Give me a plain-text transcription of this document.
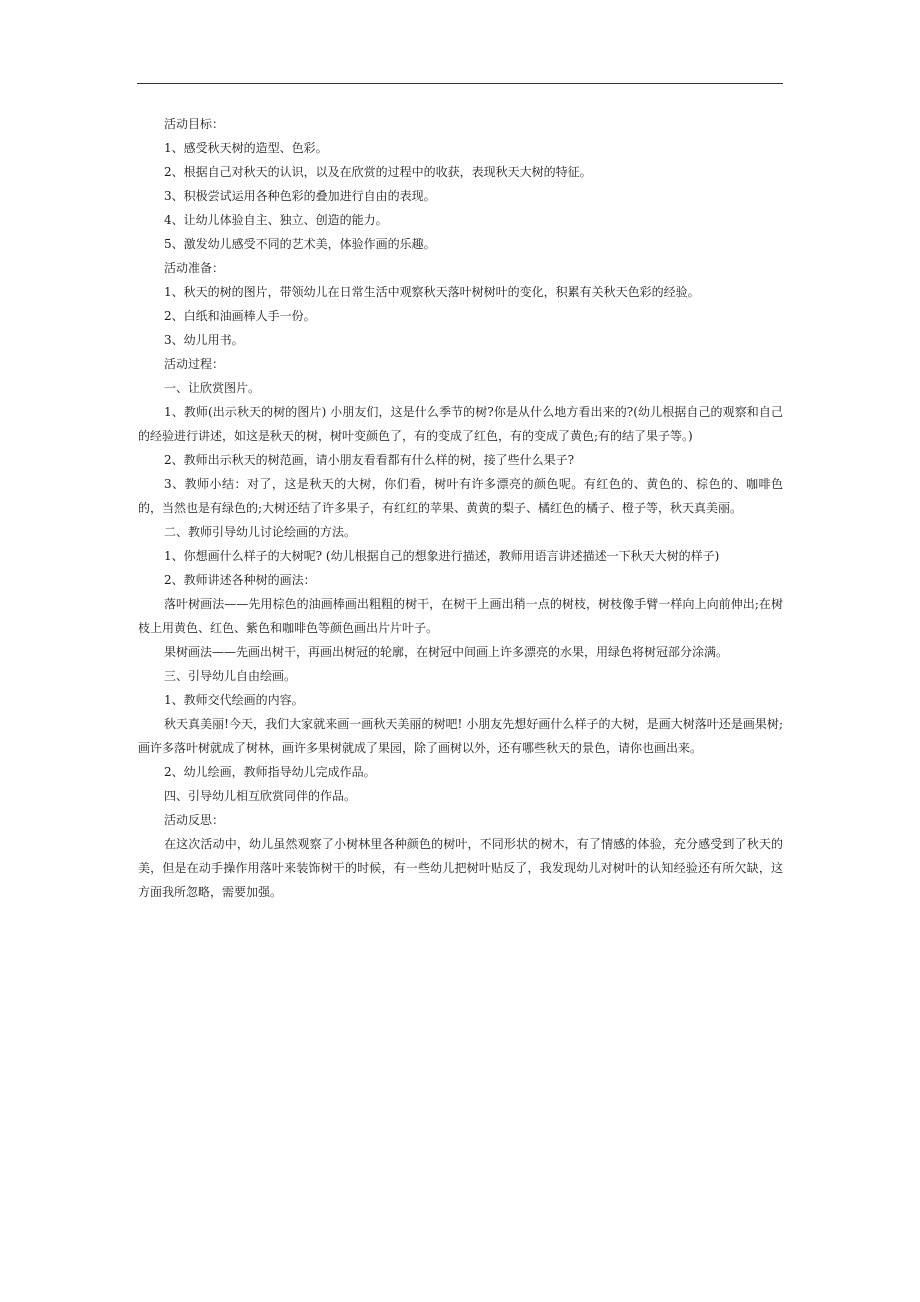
活动目标：

1、感受秋天树的造型、色彩。

2、根据自己对秋天的认识，以及在欣赏的过程中的收获，表现秋天大树的特征。

3、积极尝试运用各种色彩的叠加进行自由的表现。

4、让幼儿体验自主、独立、创造的能力。

5、激发幼儿感受不同的艺术美，体验作画的乐趣。

活动准备：

1、秋天的树的图片，带领幼儿在日常生活中观察秋天落叶树树叶的变化，积累有关秋天色彩的经验。

2、白纸和油画棒人手一份。

3、幼儿用书。

活动过程：

一、让欣赏图片。

1、教师(出示秋天的树的图片) 小朋友们，这是什么季节的树?你是从什么地方看出来的?(幼儿根据自己的观察和自己的经验进行讲述，如这是秋天的树，树叶变颜色了，有的变成了红色，有的变成了黄色;有的结了果子等。)

2、教师出示秋天的树范画，请小朋友看看都有什么样的树，接了些什么果子?

3、教师小结：对了，这是秋天的大树，你们看，树叶有许多漂亮的颜色呢。有红色的、黄色的、棕色的、咖啡色的，当然也是有绿色的;大树还结了许多果子，有红红的苹果、黄黄的梨子、橘红色的橘子、橙子等，秋天真美丽。

二、教师引导幼儿讨论绘画的方法。

1、你想画什么样子的大树呢? (幼儿根据自己的想象进行描述，教师用语言讲述描述一下秋天大树的样子)

2、教师讲述各种树的画法：

落叶树画法——先用棕色的油画棒画出粗粗的树干，在树干上画出稍一点的树枝，树枝像手臂一样向上向前伸出;在树枝上用黄色、红色、紫色和咖啡色等颜色画出片片叶子。

果树画法——先画出树干，再画出树冠的轮廓，在树冠中间画上许多漂亮的水果，用绿色将树冠部分涂满。

三、引导幼儿自由绘画。

1、教师交代绘画的内容。

秋天真美丽!今天，我们大家就来画一画秋天美丽的树吧! 小朋友先想好画什么样子的大树，是画大树落叶还是画果树;画许多落叶树就成了树林，画许多果树就成了果园，除了画树以外，还有哪些秋天的景色，请你也画出来。

2、幼儿绘画，教师指导幼儿完成作品。

四、引导幼儿相互欣赏同伴的作品。

活动反思：

在这次活动中，幼儿虽然观察了小树林里各种颜色的树叶，不同形状的树木，有了情感的体验，充分感受到了秋天的美，但是在动手操作用落叶来装饰树干的时候，有一些幼儿把树叶贴反了，我发现幼儿对树叶的认知经验还有所欠缺，这方面我所忽略，需要加强。
